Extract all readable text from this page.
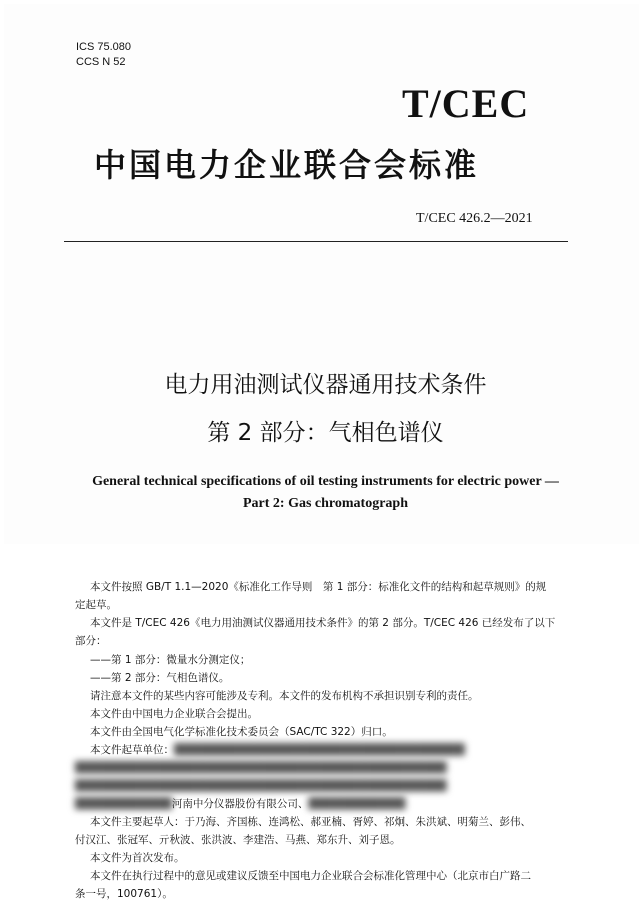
ICS 75.080
CCS N 52
T/CEC
中国电力企业联合会标准
T/CEC 426.2—2021
电力用油测试仪器通用技术条件
第 2 部分：气相色谱仪
General technical specifications of oil testing instruments for electric power —
Part 2: Gas chromatograph

本文件按照 GB/T 1.1—2020《标准化工作导则　第 1 部分：标准化文件的结构和起草规则》的规

定起草。

本文件是 T/CEC 426《电力用油测试仪器通用技术条件》的第 2 部分。T/CEC 426 已经发布了以下

部分：

——第 1 部分：微量水分测定仪；

——第 2 部分：气相色谱仪。

请注意本文件的某些内容可能涉及专利。本文件的发布机构不承担识别专利的责任。

本文件由中国电力企业联合会提出。

本文件由全国电气化学标准化技术委员会（SAC/TC 322）归口。

本文件起草单位：████████████████████████████████████

██████████████████████████████████████████████

██████████████████████████████████████████████

████████████河南中分仪器股份有限公司、████████████

本文件主要起草人：于乃海、齐国栋、连鸿松、郝亚楠、胥婷、祁炯、朱洪斌、明菊兰、彭伟、

付汉江、张冠军、亓秋波、张洪波、李建浩、马燕、郑东升、刘子恩。

本文件为首次发布。

本文件在执行过程中的意见或建议反馈至中国电力企业联合会标准化管理中心（北京市白广路二

条一号，100761）。
